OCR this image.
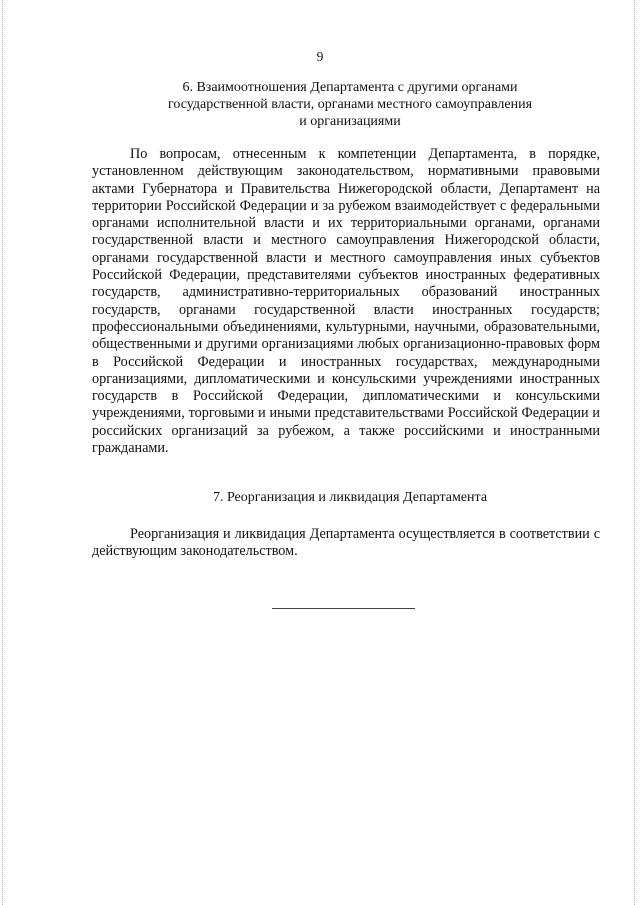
9
6. Взаимоотношения Департамента с другими органами
государственной власти, органами местного самоуправления
и организациями

По вопросам, отнесенным к компетенции Департамента, в порядке, установленном действующим законодательством, нормативными правовыми актами Губернатора и Правительства Нижегородской области, Департамент на территории Российской Федерации и за рубежом взаимодействует с федеральными органами исполнительной власти и их территориальными органами, органами государственной власти и местного самоуправления Нижегородской области, органами государственной власти и местного самоуправления иных субъектов Российской Федерации, представителями субъектов иностранных федеративных государств, административно-территориальных образований иностранных государств, органами государственной власти иностранных государств; профессиональными объединениями, культурными, научными, образовательными, общественными и другими организациями любых организационно-правовых форм в Российской Федерации и иностранных государствах, международными организациями, дипломатическими и консульскими учреждениями иностранных государств в Российской Федерации, дипломатическими и консульскими учреждениями, торговыми и иными представительствами Российской Федерации и российских организаций за рубежом, а также российскими и иностранными гражданами.

7. Реорганизация и ликвидация Департамента

Реорганизация и ликвидация Департамента осуществляется в соответствии с действующим законодательством.
